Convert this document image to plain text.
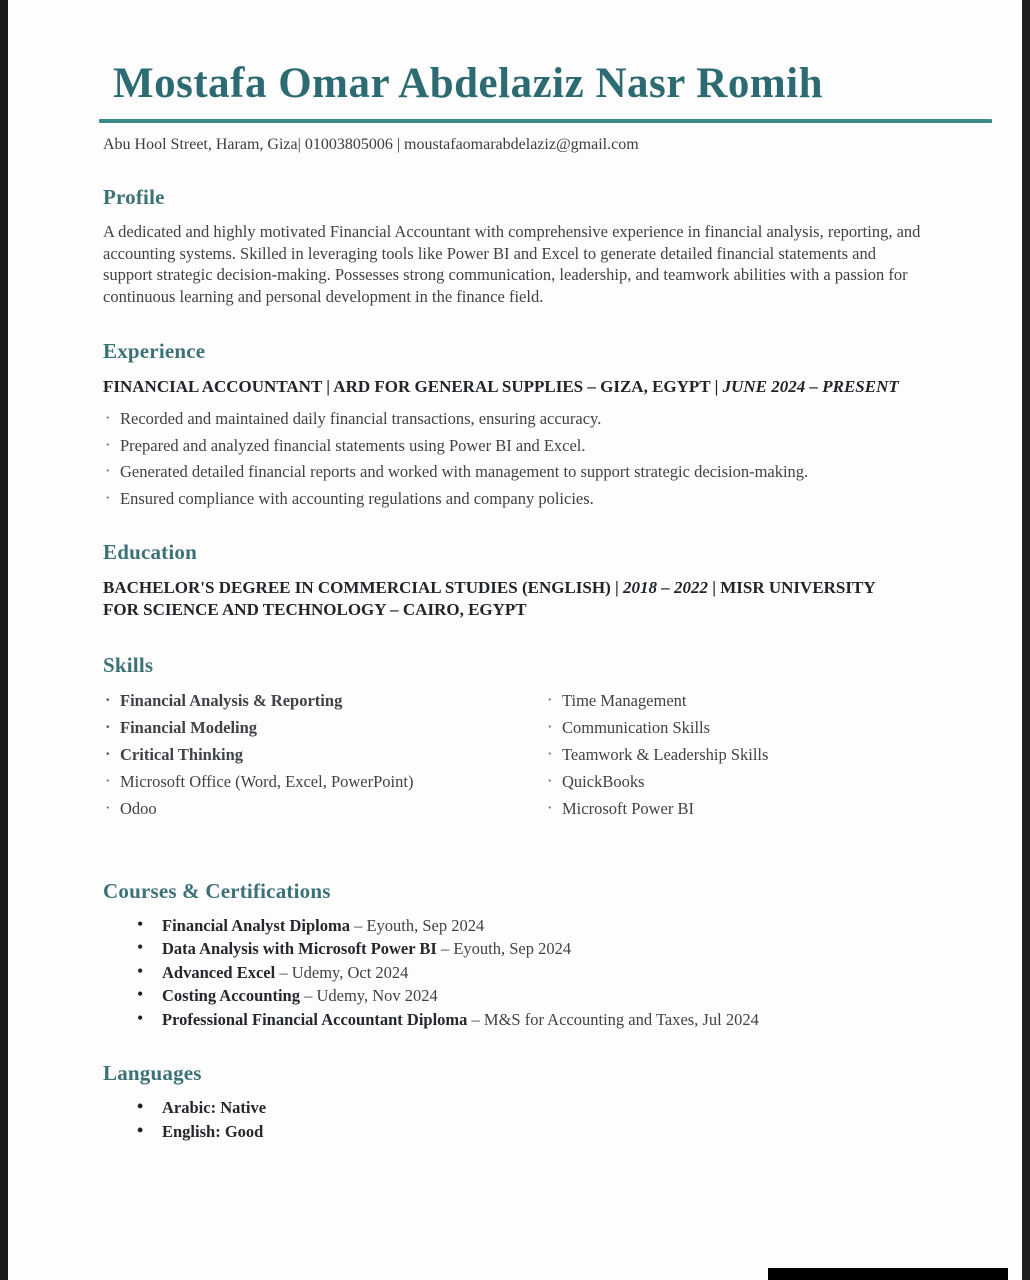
Mostafa Omar Abdelaziz Nasr Romih
Abu Hool Street, Haram, Giza| 01003805006 | moustafaomarabdelaziz@gmail.com
Profile

A dedicated and highly motivated Financial Accountant with comprehensive experience in financial analysis, reporting, and accounting systems. Skilled in leveraging tools like Power BI and Excel to generate detailed financial statements and support strategic decision-making. Possesses strong communication, leadership, and teamwork abilities with a passion for continuous learning and personal development in the finance field.

Experience

FINANCIAL ACCOUNTANT | ARD FOR GENERAL SUPPLIES – GIZA, EGYPT | JUNE 2024 – PRESENT

· Recorded and maintained daily financial transactions, ensuring accuracy.
· Prepared and analyzed financial statements using Power BI and Excel.
· Generated detailed financial reports and worked with management to support strategic decision-making.
· Ensured compliance with accounting regulations and company policies.
Education

BACHELOR'S DEGREE IN COMMERCIAL STUDIES (ENGLISH) | 2018 – 2022 | MISR UNIVERSITY FOR SCIENCE AND TECHNOLOGY – CAIRO, EGYPT

Skills
· Financial Analysis & Reporting
· Financial Modeling
· Critical Thinking
· Microsoft Office (Word, Excel, PowerPoint)
· Odoo
· Time Management
· Communication Skills
· Teamwork & Leadership Skills
· QuickBooks
· Microsoft Power BI
Courses & Certifications
• Financial Analyst Diploma – Eyouth, Sep 2024
• Data Analysis with Microsoft Power BI – Eyouth, Sep 2024
• Advanced Excel – Udemy, Oct 2024
• Costing Accounting – Udemy, Nov 2024
• Professional Financial Accountant Diploma – M&S for Accounting and Taxes, Jul 2024
Languages
• Arabic: Native
• English: Good
